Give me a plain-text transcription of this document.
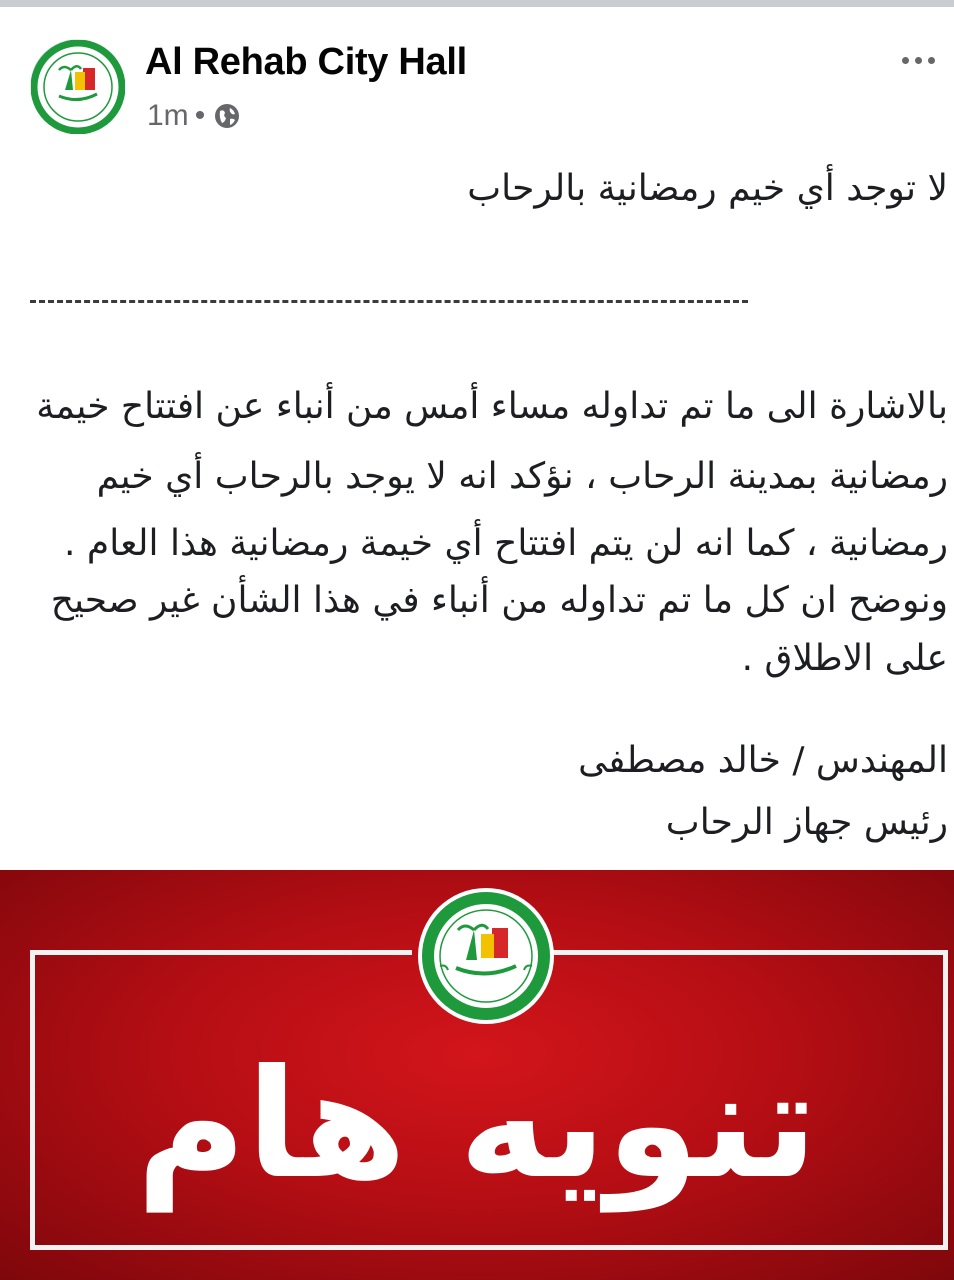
Al Rehab City Hall
1m •
لا توجد أي خيم رمضانية بالرحاب
بالاشارة الى ما تم تداوله مساء أمس من أنباء عن افتتاح خيمة
رمضانية بمدينة الرحاب ، نؤكد انه لا يوجد بالرحاب أي خيم
رمضانية ، كما انه لن يتم افتتاح أي خيمة رمضانية هذا العام .
ونوضح ان كل ما تم تداوله من أنباء في هذا الشأن غير صحيح
على الاطلاق .
المهندس / خالد مصطفى
رئيس جهاز الرحاب
تنويه هام
